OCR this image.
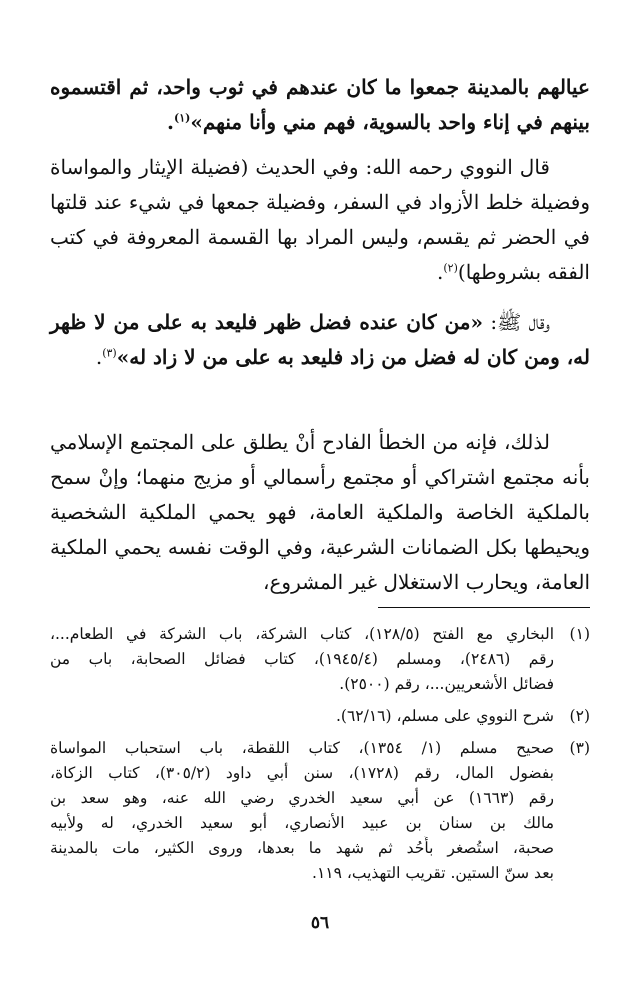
عيالهم بالمدينة جمعوا ما كان عندهم في ثوب واحد، ثم اقتسموه بينهم في إناء واحد بالسوية، فهم مني وأنا منهم»$^{(١)}$.

قال النووي رحمه الله: وفي الحديث (فضيلة الإيثار والمواساة وفضيلة خلط الأزواد في السفر، وفضيلة جمعها في شيء عند قلتها في الحضر ثم يقسم، وليس المراد بها القسمة المعروفة في كتب الفقه بشروطها)$^{(٢)}$.

وقال ﷺ: «من كان عنده فضل ظهر فليعد به على من لا ظهر له، ومن كان له فضل من زاد فليعد به على من لا زاد له»$^{(٣)}$.

لذلك، فإنه من الخطأ الفادح أنْ يطلق على المجتمع الإسلامي بأنه مجتمع اشتراكي أو مجتمع رأسمالي أو مزيج منهما؛ وإنْ سمح بالملكية الخاصة والملكية العامة، فهو يحمي الملكية الشخصية ويحيطها بكل الضمانات الشرعية، وفي الوقت نفسه يحمي الملكية العامة، ويحارب الاستغلال غير المشروع،

(١)
البخاري مع الفتح (١٢٨/٥)، كتاب الشركة، باب الشركة في الطعام...،
رقم (٢٤٨٦)، ومسلم (١٩٤٥/٤)، كتاب فضائل الصحابة، باب من
فضائل الأشعريين...، رقم (٢٥٠٠).
(٢)
شرح النووي على مسلم، (٦٢/١٦).
(٣)
صحيح مسلم (١/ ١٣٥٤)، كتاب اللقطة، باب استحباب المواساة
بفضول المال، رقم (١٧٢٨)، سنن أبي داود (٣٠٥/٢)، كتاب الزكاة،
رقم (١٦٦٣) عن أبي سعيد الخدري رضي الله عنه، وهو سعد بن
مالك بن سنان بن عبيد الأنصاري، أبو سعيد الخدري، له ولأبيه
صحبة، استُصغر بأُحُد ثم شهد ما بعدها، وروى الكثير، مات بالمدينة
بعد سنّ الستين. تقريب التهذيب، ١١٩.
٥٦
